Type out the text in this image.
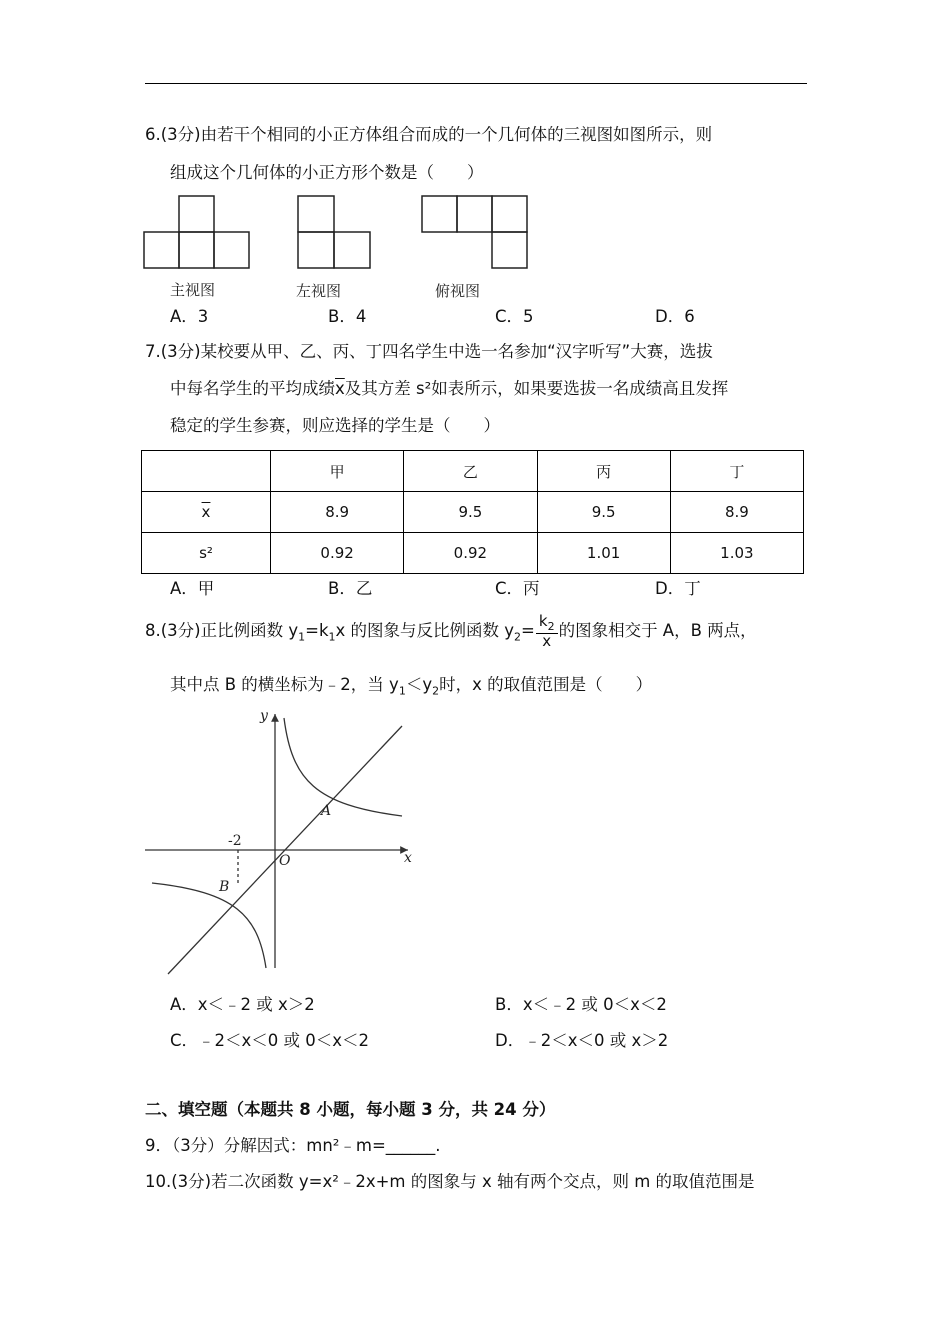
6.(3分)由若干个相同的小正方体组合而成的一个几何体的三视图如图所示，则
组成这个几何体的小正方形个数是（　　）
主视图	左视图	俯视图
A．3	B．4	C．5	D．6
7.(3分)某校要从甲、乙、丙、丁四名学生中选一名参加“汉字听写”大赛，选拔
中每名学生的平均成绩$\overline{x}$及其方差 s²如表所示，如果要选拔一名成绩高且发挥
稳定的学生参赛，则应选择的学生是（　　）
	甲	乙	丙	丁
$\overline{x}$	8.9	9.5	9.5	8.9
s²	0.92	0.92	1.01	1.03
A．甲	B．乙	C．丙	D．丁
8.(3分)正比例函数 $y_1=k_1x$ 的图象与反比例函数 $y_2= \frac{k_2}{x}$ 的图象相交于 A，B 两点，
其中点 B 的横坐标为﹣2，当 $y_1<y_2$时，x 的取值范围是（　　）
y
x
O
A
B
-2
A．x＜﹣2 或 x＞2	B．x＜﹣2 或 0＜x＜2
C．﹣2＜x＜0 或 0＜x＜2	D．﹣2＜x＜0 或 x＞2
二、填空题（本题共 8 小题，每小题 3 分，共 24 分）
9．（3分）分解因式：mn²﹣m=______.
10.(3分)若二次函数 y=x²﹣2x+m 的图象与 x 轴有两个交点，则 m 的取值范围是
